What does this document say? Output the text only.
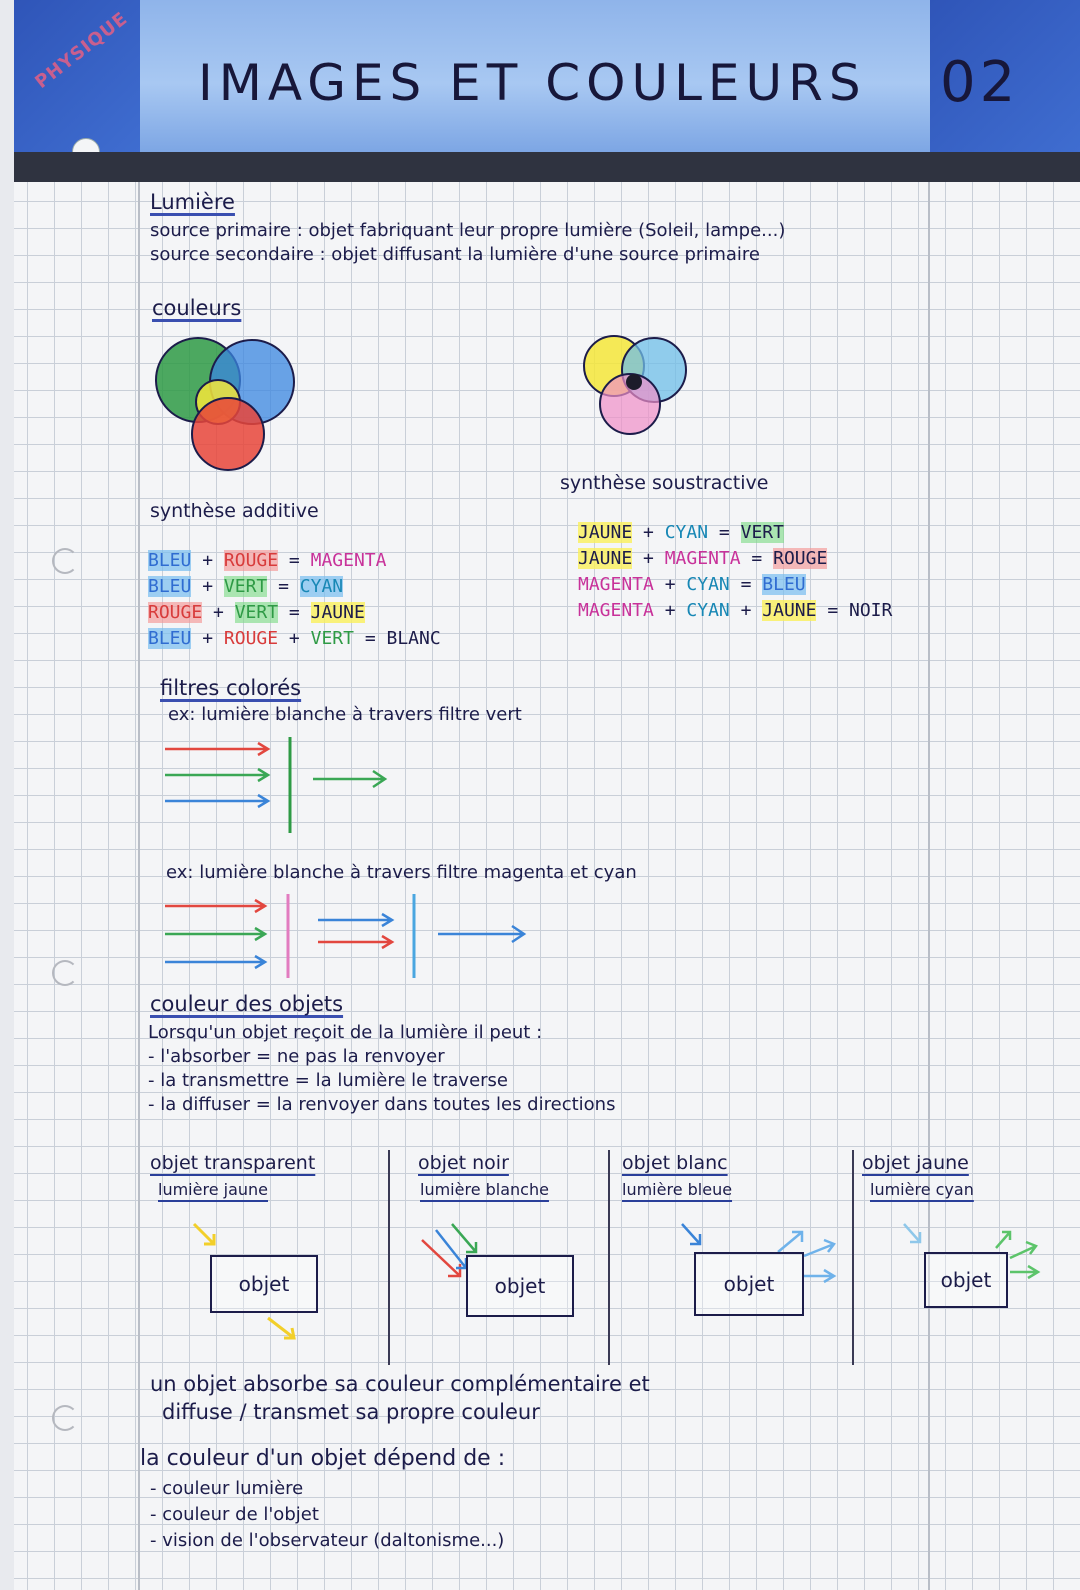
PHYSIQUE IMAGES ET COULEURS 02
Lumière
source primaire : objet fabriquant leur propre lumière (Soleil, lampe...)
source secondaire : objet diffusant la lumière d'une source primaire
couleurs
synthèse additive
synthèse soustractive
BLEU + ROUGE = MAGENTA
BLEU + VERT = CYAN
ROUGE + VERT = JAUNE
BLEU + ROUGE + VERT = BLANC
JAUNE + CYAN = VERT
JAUNE + MAGENTA = ROUGE
MAGENTA + CYAN = BLEU
MAGENTA + CYAN + JAUNE = NOIR
filtres colorés
ex: lumière blanche à travers filtre vert
ex: lumière blanche à travers filtre magenta et cyan
couleur des objets
Lorsqu'un objet reçoit de la lumière il peut :
- l'absorber = ne pas la renvoyer
- la transmettre = la lumière le traverse
- la diffuser = la renvoyer dans toutes les directions
objet transparent
lumière jaune
objet
objet noir
lumière blanche
objet
objet blanc
lumière bleue
objet
objet jaune
lumière cyan
objet
un objet absorbe sa couleur complémentaire et
diffuse / transmet sa propre couleur
la couleur d'un objet dépend de :
- couleur lumière
- couleur de l'objet
- vision de l'observateur (daltonisme...)
